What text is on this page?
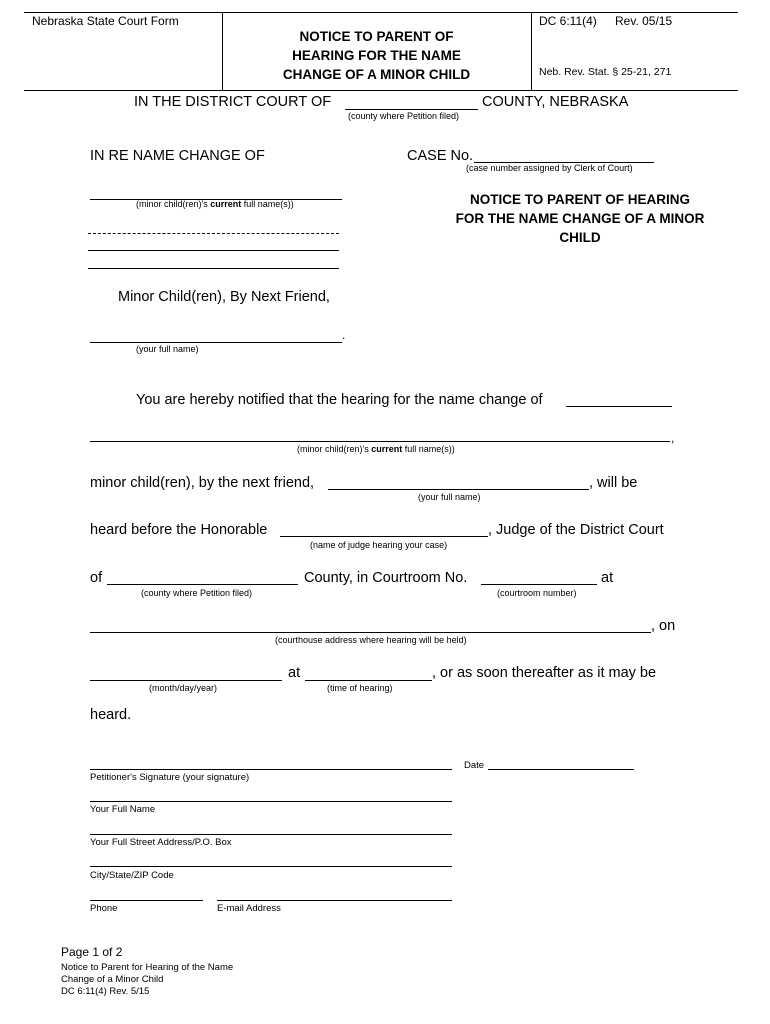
Nebraska State Court Form
NOTICE TO PARENT OF
HEARING FOR THE NAME
CHANGE OF A MINOR CHILD
DC 6:11(4) Rev. 05/15
Neb. Rev. Stat. § 25-21, 271
IN THE DISTRICT COURT OF	COUNTY, NEBRASKA
(county where Petition filed)
IN RE NAME CHANGE OF	CASE No.
(case number assigned by Clerk of Court)
(minor child(ren)'s current full name(s))	NOTICE TO PARENT OF HEARING
FOR THE NAME CHANGE OF A MINOR
CHILD
Minor Child(ren), By Next Friend,
.
(your full name)
You are hereby notified that the hearing for the name change of
,
(minor child(ren)'s current full name(s))
minor child(ren), by the next friend,	, will be
(your full name)
heard before the Honorable	, Judge of the District Court
(name of judge hearing your case)
of	County, in Courtroom No.	at
(county where Petition filed)	(courtroom number)
, on
(courthouse address where hearing will be held)
at	, or as soon thereafter as it may be
(month/day/year)	(time of hearing)
heard.
Date
Petitioner's Signature (your signature)
Your Full Name
Your Full Street Address/P.O. Box
City/State/ZIP Code
Phone	E-mail Address
Page 1 of 2
Notice to Parent for Hearing of the Name
Change of a Minor Child
DC 6:11(4) Rev. 5/15
